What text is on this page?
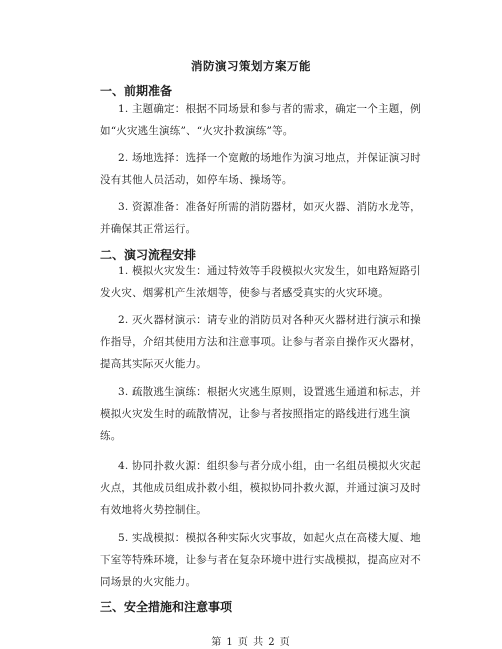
消防演习策划方案万能
一、前期准备
1. 主题确定：根据不同场景和参与者的需求，确定一个主题，例
如“火灾逃生演练”、“火灾扑救演练”等。
2. 场地选择：选择一个宽敞的场地作为演习地点，并保证演习时
没有其他人员活动，如停车场、操场等。
3. 资源准备：准备好所需的消防器材，如灭火器、消防水龙等，
并确保其正常运行。
二、演习流程安排
1. 模拟火灾发生：通过特效等手段模拟火灾发生，如电路短路引
发火灾、烟雾机产生浓烟等，使参与者感受真实的火灾环境。
2. 灭火器材演示：请专业的消防员对各种灭火器材进行演示和操
作指导，介绍其使用方法和注意事项。让参与者亲自操作灭火器材，
提高其实际灭火能力。
3. 疏散逃生演练：根据火灾逃生原则，设置逃生通道和标志，并
模拟火灾发生时的疏散情况，让参与者按照指定的路线进行逃生演
练。
4. 协同扑救火源：组织参与者分成小组，由一名组员模拟火灾起
火点，其他成员组成扑救小组，模拟协同扑救火源，并通过演习及时
有效地将火势控制住。
5. 实战模拟：模拟各种实际火灾事故，如起火点在高楼大厦、地
下室等特殊环境，让参与者在复杂环境中进行实战模拟，提高应对不
同场景的火灾能力。
三、安全措施和注意事项
第 1 页 共 2 页
